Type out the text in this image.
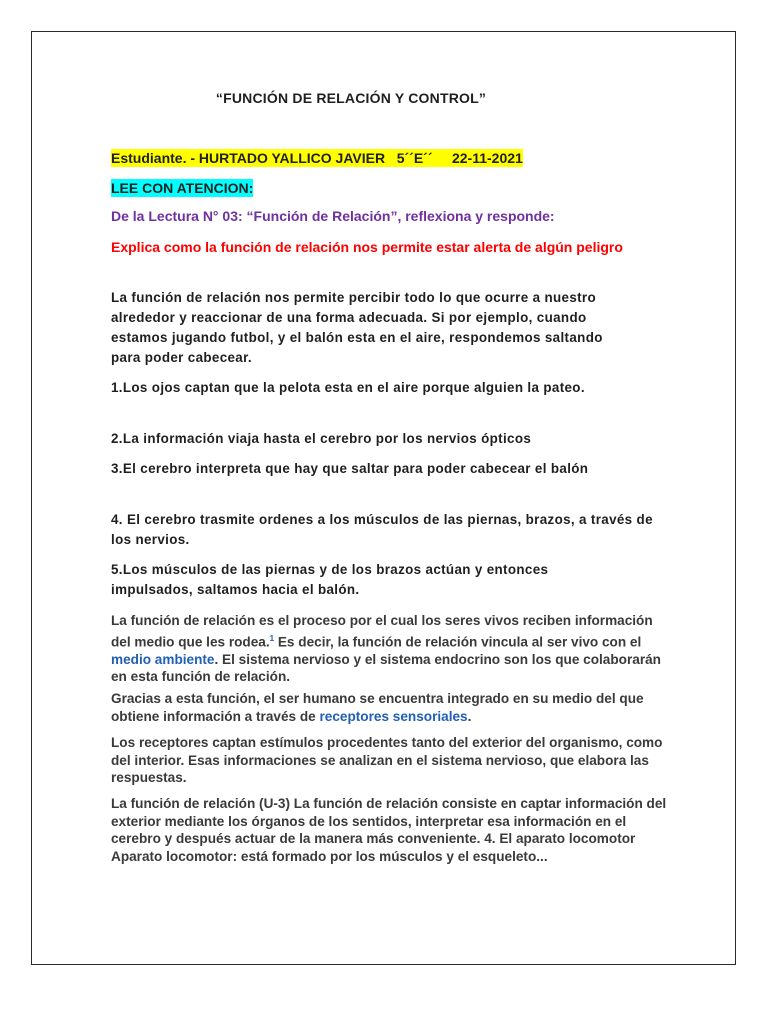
“FUNCIÓN DE RELACIÓN Y CONTROL”
Estudiante. - HURTADO YALLICO JAVIER   5´´E´´     22-11-2021
LEE CON ATENCION:
De la Lectura N° 03: “Función de Relación”, reflexiona y responde:
Explica como la función de relación nos permite estar alerta de algún peligro
La función de relación nos permite percibir todo lo que ocurre a nuestro alrededor y reaccionar de una forma adecuada. Si por ejemplo, cuando estamos jugando futbol, y el balón esta en el aire, respondemos saltando para poder cabecear.
1.Los ojos captan que la pelota esta en el aire porque alguien la pateo.
2.La información viaja hasta el cerebro por los nervios ópticos
3.El cerebro interpreta que hay que saltar para poder cabecear el balón
4. El cerebro trasmite ordenes a los músculos de las piernas, brazos, a través de los nervios.
5.Los músculos de las piernas y de los brazos actúan y entonces impulsados, saltamos hacia el balón.
La función de relación es el proceso por el cual los seres vivos reciben información del medio que les rodea.$^1$ Es decir, la función de relación vincula al ser vivo con el medio ambiente. El sistema nervioso y el sistema endocrino son los que colaborarán en esta función de relación.
Gracias a esta función, el ser humano se encuentra integrado en su medio del que obtiene información a través de receptores sensoriales.
Los receptores captan estímulos procedentes tanto del exterior del organismo, como del interior. Esas informaciones se analizan en el sistema nervioso, que elabora las respuestas.
La función de relación (U-3) La función de relación consiste en captar información del exterior mediante los órganos de los sentidos, interpretar esa información en el cerebro y después actuar de la manera más conveniente. 4. El aparato locomotor Aparato locomotor: está formado por los músculos y el esqueleto...
